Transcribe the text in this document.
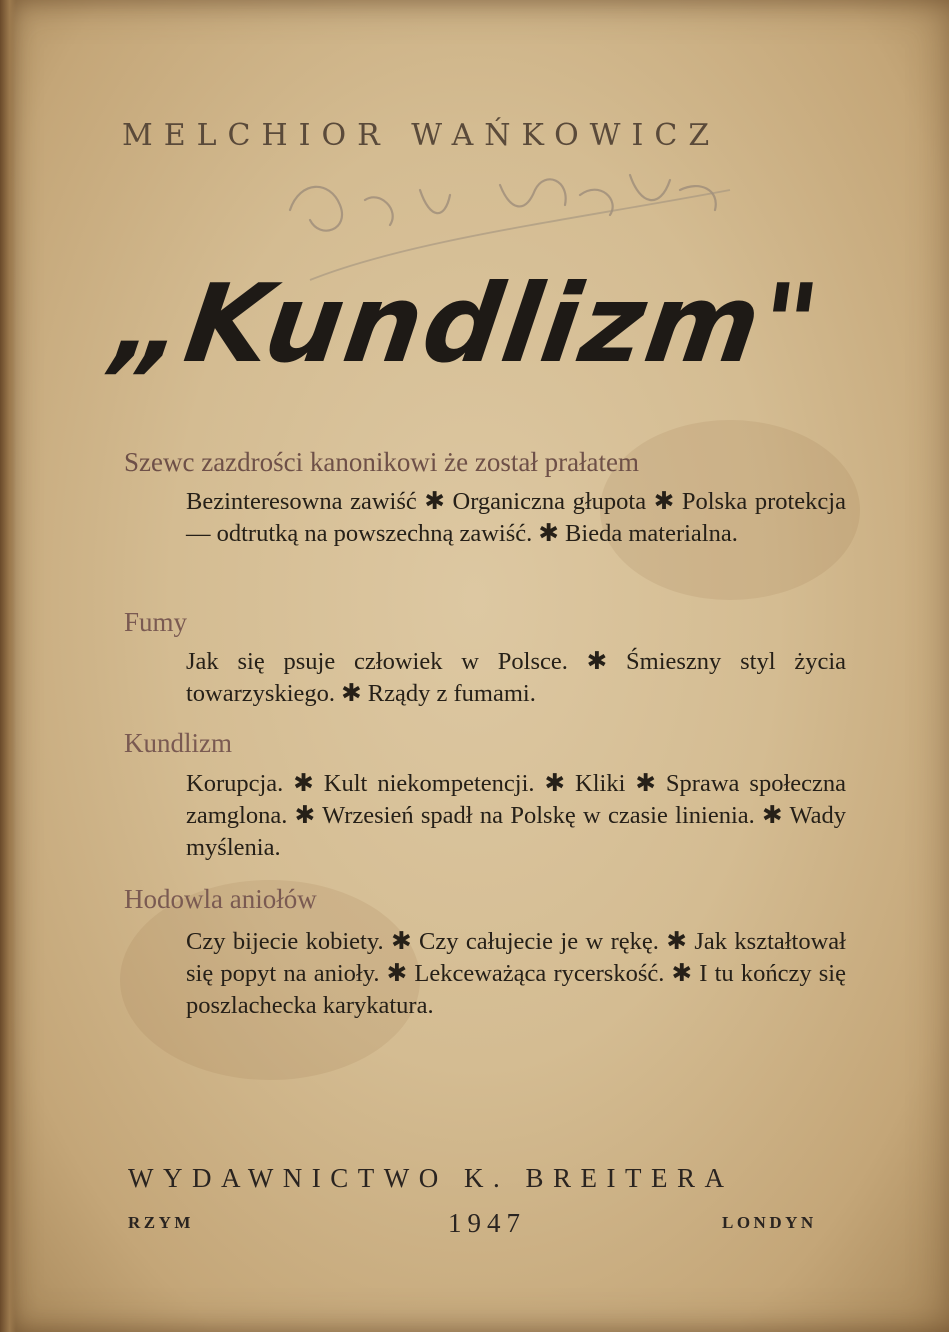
MELCHIOR WAŃKOWICZ
„Kundlizm"
Szewc zazdrości kanonikowi że został prałatem
Bezinteresowna zawiść ✱ Organiczna głupota ✱ Polska protekcja — odtrutką na powszechną zawiść. ✱ Bieda materialna.
Fumy
Jak się psuje człowiek w Polsce. ✱ Śmieszny styl życia towarzyskiego. ✱ Rządy z fumami.
Kundlizm
Korupcja. ✱ Kult niekompetencji. ✱ Kliki ✱ Sprawa społeczna zamglona. ✱ Wrzesień spadł na Polskę w czasie linienia. ✱ Wady myślenia.
Hodowla aniołów
Czy bijecie kobiety. ✱ Czy całujecie je w rękę. ✱ Jak kształtował się popyt na anioły. ✱ Lekceważąca rycerskość. ✱ I tu kończy się poszlachecka karykatura.
WYDAWNICTWO K. BREITERA
RZYM	1947	LONDYN
